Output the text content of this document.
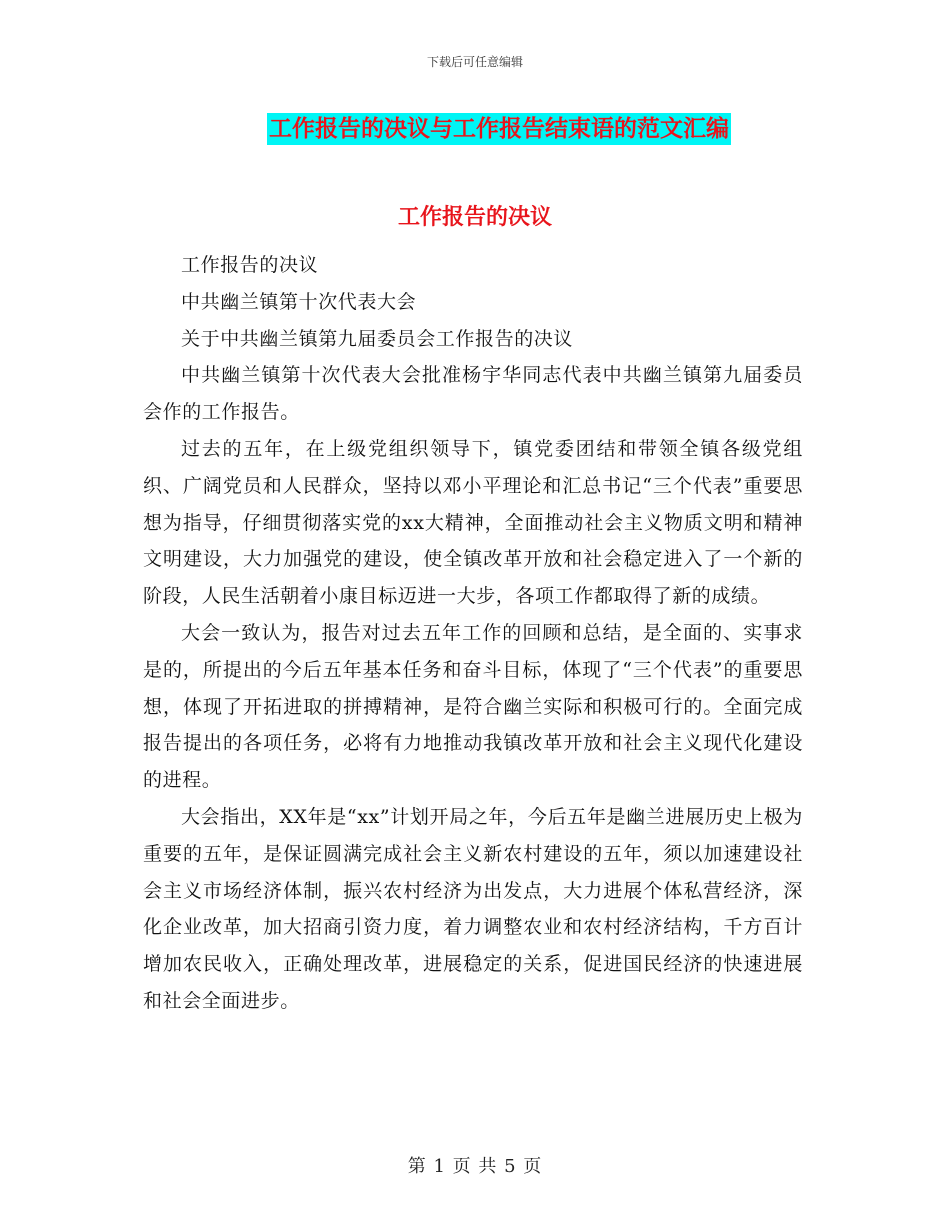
下载后可任意编辑
工作报告的决议与工作报告结束语的范文汇编
工作报告的决议

工作报告的决议

中共幽兰镇第十次代表大会

关于中共幽兰镇第九届委员会工作报告的决议

中共幽兰镇第十次代表大会批准杨宇华同志代表中共幽兰镇第九届委员会作的工作报告。

过去的五年，在上级党组织领导下，镇党委团结和带领全镇各级党组织、广阔党员和人民群众，坚持以邓小平理论和汇总书记“三个代表”重要思想为指导，仔细贯彻落实党的xx大精神，全面推动社会主义物质文明和精神文明建设，大力加强党的建设，使全镇改革开放和社会稳定进入了一个新的阶段，人民生活朝着小康目标迈进一大步，各项工作都取得了新的成绩。

大会一致认为，报告对过去五年工作的回顾和总结，是全面的、实事求是的，所提出的今后五年基本任务和奋斗目标，体现了“三个代表”的重要思想，体现了开拓进取的拼搏精神，是符合幽兰实际和积极可行的。全面完成报告提出的各项任务，必将有力地推动我镇改革开放和社会主义现代化建设的进程。

大会指出，XX年是“xx”计划开局之年，今后五年是幽兰进展历史上极为重要的五年，是保证圆满完成社会主义新农村建设的五年，须以加速建设社会主义市场经济体制，振兴农村经济为出发点，大力进展个体私营经济，深化企业改革，加大招商引资力度，着力调整农业和农村经济结构，千方百计增加农民收入，正确处理改革，进展稳定的关系，促进国民经济的快速进展和社会全面进步。

第 1 页 共 5 页
